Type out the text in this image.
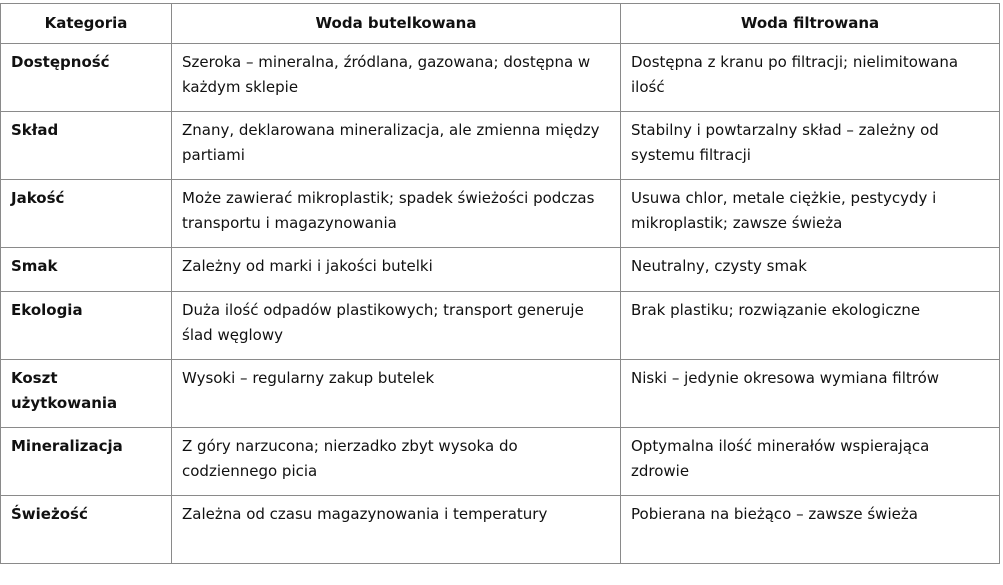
Kategoria	Woda butelkowana	Woda filtrowana
Dostępność	Szeroka – mineralna, źródlana, gazowana; dostępna w każdym sklepie	Dostępna z kranu po filtracji; nielimitowana ilość
Skład	Znany, deklarowana mineralizacja, ale zmienna między partiami	Stabilny i powtarzalny skład – zależny od systemu filtracji
Jakość	Może zawierać mikroplastik; spadek świeżości podczas transportu i magazynowania	Usuwa chlor, metale ciężkie, pestycydy i mikroplastik; zawsze świeża
Smak	Zależny od marki i jakości butelki	Neutralny, czysty smak
Ekologia	Duża ilość odpadów plastikowych; transport generuje ślad węglowy	Brak plastiku; rozwiązanie ekologiczne
Koszt użytkowania	Wysoki – regularny zakup butelek	Niski – jedynie okresowa wymiana filtrów
Mineralizacja	Z góry narzucona; nierzadko zbyt wysoka do codziennego picia	Optymalna ilość minerałów wspierająca zdrowie
Świeżość	Zależna od czasu magazynowania i temperatury	Pobierana na bieżąco – zawsze świeża
